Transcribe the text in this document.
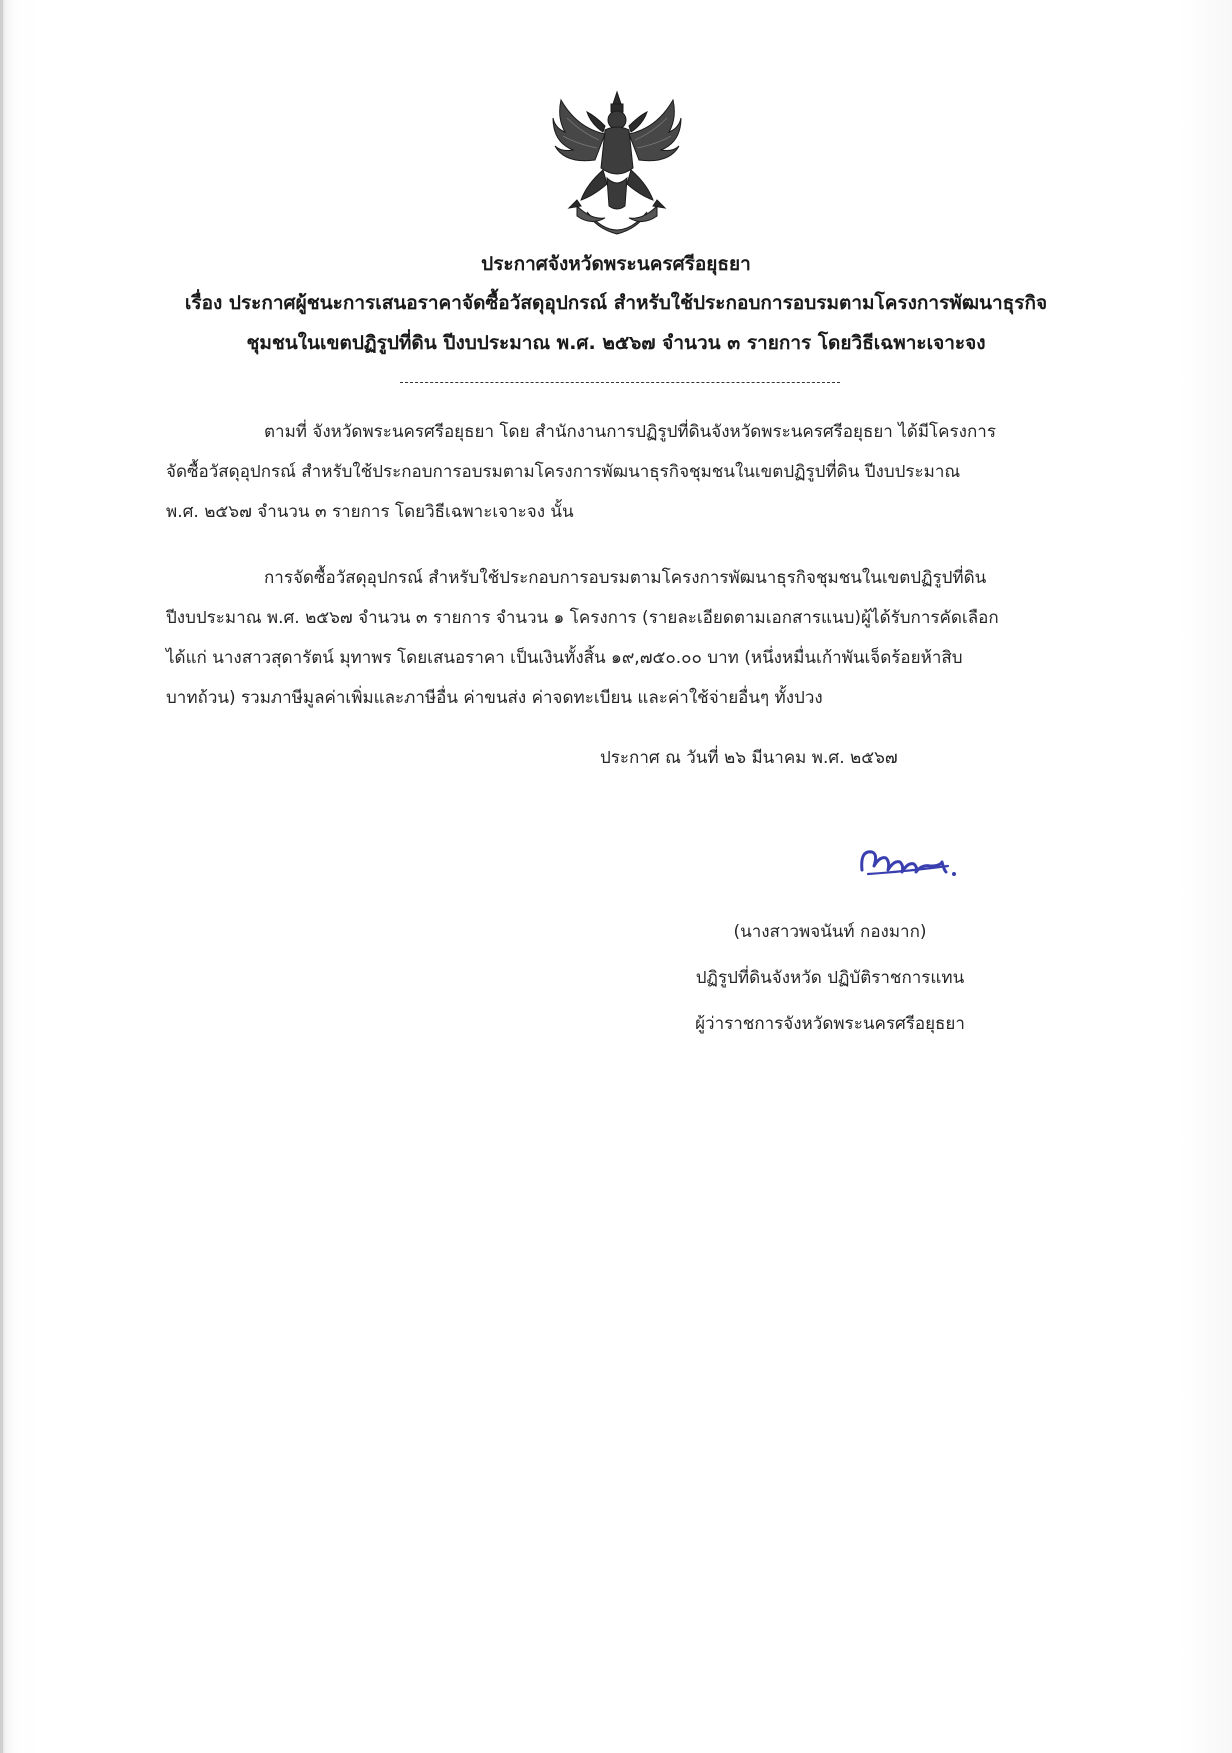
ประกาศจังหวัดพระนครศรีอยุธยา
เรื่อง ประกาศผู้ชนะการเสนอราคาจัดซื้อวัสดุอุปกรณ์ สำหรับใช้ประกอบการอบรมตามโครงการพัฒนาธุรกิจ
ชุมชนในเขตปฏิรูปที่ดิน ปีงบประมาณ พ.ศ. ๒๕๖๗ จำนวน ๓ รายการ โดยวิธีเฉพาะเจาะจง
ตามที่ จังหวัดพระนครศรีอยุธยา โดย สำนักงานการปฏิรูปที่ดินจังหวัดพระนครศรีอยุธยา ได้มีโครงการ
จัดซื้อวัสดุอุปกรณ์ สำหรับใช้ประกอบการอบรมตามโครงการพัฒนาธุรกิจชุมชนในเขตปฏิรูปที่ดิน ปีงบประมาณ
พ.ศ. ๒๕๖๗ จำนวน ๓ รายการ โดยวิธีเฉพาะเจาะจง นั้น
การจัดซื้อวัสดุอุปกรณ์ สำหรับใช้ประกอบการอบรมตามโครงการพัฒนาธุรกิจชุมชนในเขตปฏิรูปที่ดิน
ปีงบประมาณ พ.ศ. ๒๕๖๗ จำนวน ๓ รายการ จำนวน ๑ โครงการ (รายละเอียดตามเอกสารแนบ)ผู้ได้รับการคัดเลือก
ได้แก่ นางสาวสุดารัตน์ มุทาพร โดยเสนอราคา เป็นเงินทั้งสิ้น ๑๙,๗๕๐.๐๐ บาท (หนึ่งหมื่นเก้าพันเจ็ดร้อยห้าสิบ
บาทถ้วน) รวมภาษีมูลค่าเพิ่มและภาษีอื่น ค่าขนส่ง ค่าจดทะเบียน และค่าใช้จ่ายอื่นๆ ทั้งปวง
ประกาศ ณ วันที่ ๒๖ มีนาคม พ.ศ. ๒๕๖๗
(นางสาวพจนันท์ กองมาก)
ปฏิรูปที่ดินจังหวัด ปฏิบัติราชการแทน
ผู้ว่าราชการจังหวัดพระนครศรีอยุธยา
